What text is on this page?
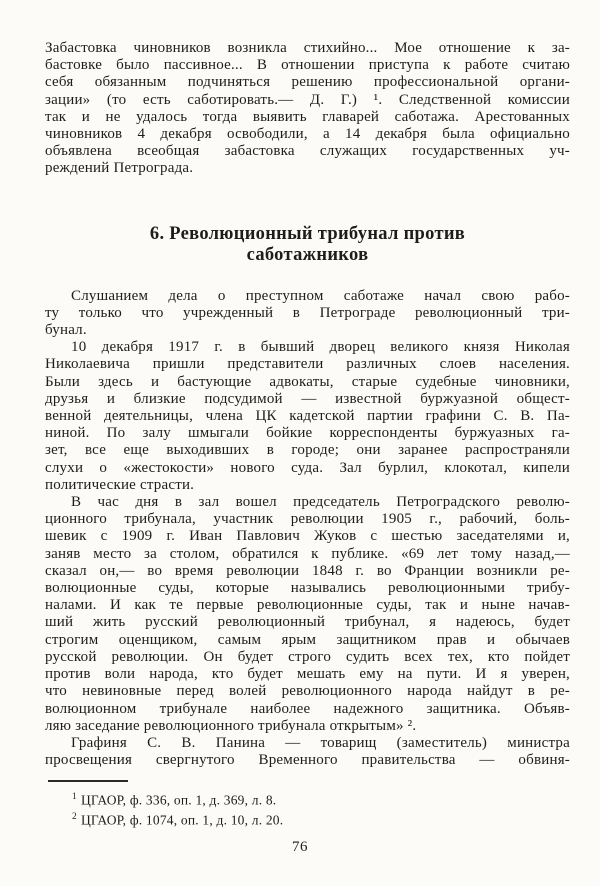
Забастовка чиновников возникла стихийно... Мое отношение к за-
бастовке было пассивное... В отношении приступа к работе считаю
себя обязанным подчиняться решению профессиональной органи-
зации» (то есть саботировать.— Д. Г.) ¹. Следственной комиссии
так и не удалось тогда выявить главарей саботажа. Арестованных
чиновников 4 декабря освободили, а 14 декабря была официально
объявлена всеобщая забастовка служащих государственных уч-
реждений Петрограда.
6. Революционный трибунал против
саботажников
Слушанием дела о преступном саботаже начал свою рабо-
ту только что учрежденный в Петрограде революционный три-
бунал.
10 декабря 1917 г. в бывший дворец великого князя Николая
Николаевича пришли представители различных слоев населения.
Были здесь и бастующие адвокаты, старые судебные чиновники,
друзья и близкие подсудимой — известной буржуазной общест-
венной деятельницы, члена ЦК кадетской партии графини С. В. Па-
ниной. По залу шмыгали бойкие корреспонденты буржуазных га-
зет, все еще выходивших в городе; они заранее распространяли
слухи о «жестокости» нового суда. Зал бурлил, клокотал, кипели
политические страсти.
В час дня в зал вошел председатель Петроградского револю-
ционного трибунала, участник революции 1905 г., рабочий, боль-
шевик с 1909 г. Иван Павлович Жуков с шестью заседателями и,
заняв место за столом, обратился к публике. «69 лет тому назад,—
сказал он,— во время революции 1848 г. во Франции возникли ре-
волюционные суды, которые назывались революционными трибу-
налами. И как те первые революционные суды, так и ныне начав-
ший жить русский революционный трибунал, я надеюсь, будет
строгим оценщиком, самым ярым защитником прав и обычаев
русской революции. Он будет строго судить всех тех, кто пойдет
против воли народа, кто будет мешать ему на пути. И я уверен,
что невиновные перед волей революционного народа найдут в ре-
волюционном трибунале наиболее надежного защитника. Объяв-
ляю заседание революционного трибунала открытым» ².
Графиня С. В. Панина — товарищ (заместитель) министра
просвещения свергнутого Временного правительства — обвиня-
$^1$ ЦГАОР, ф. 336, оп. 1, д. 369, л. 8.
$^2$ ЦГАОР, ф. 1074, оп. 1, д. 10, л. 20.
76
